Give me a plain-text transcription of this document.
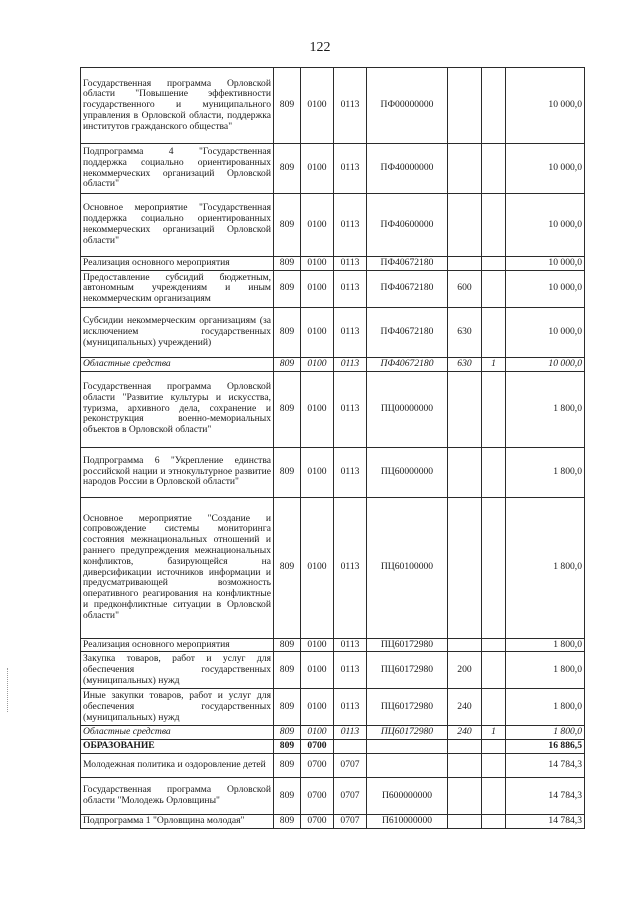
122
Государственная программа Орловской области "Повышение эффективности государственного и муниципального управления в Орловской области, поддержка институтов гражданского общества"	809	0100	0113	ПФ00000000			10 000,0
Подпрограмма 4 "Государственная поддержка социально ориентированных некоммерческих организаций Орловской области"	809	0100	0113	ПФ40000000			10 000,0
Основное мероприятие "Государственная поддержка социально ориентированных некоммерческих организаций Орловской области"	809	0100	0113	ПФ40600000			10 000,0
Реализация основного мероприятия	809	0100	0113	ПФ40672180			10 000,0
Предоставление субсидий бюджетным, автономным учреждениям и иным некоммерческим организациям	809	0100	0113	ПФ40672180	600		10 000,0
Субсидии некоммерческим организациям (за исключением государственных (муниципальных) учреждений)	809	0100	0113	ПФ40672180	630		10 000,0
Областные средства	809	0100	0113	ПФ40672180	630	1	10 000,0
Государственная программа Орловской области "Развитие культуры и искусства, туризма, архивного дела, сохранение и реконструкция военно-мемориальных объектов в Орловской области"	809	0100	0113	ПЦ00000000			1 800,0
Подпрограмма 6 "Укрепление единства российской нации и этнокультурное развитие народов России в Орловской области"	809	0100	0113	ПЦ60000000			1 800,0
Основное мероприятие "Создание и сопровождение системы мониторинга состояния межнациональных отношений и раннего предупреждения межнациональных конфликтов, базирующейся на диверсификации источников информации и предусматривающей возможность оперативного реагирования на конфликтные и предконфликтные ситуации в Орловской области"	809	0100	0113	ПЦ60100000			1 800,0
Реализация основного мероприятия	809	0100	0113	ПЦ60172980			1 800,0
Закупка товаров, работ и услуг для обеспечения государственных (муниципальных) нужд	809	0100	0113	ПЦ60172980	200		1 800,0
Иные закупки товаров, работ и услуг для обеспечения государственных (муниципальных) нужд	809	0100	0113	ПЦ60172980	240		1 800,0
Областные средства	809	0100	0113	ПЦ60172980	240	1	1 800,0
ОБРАЗОВАНИЕ	809	0700					16 886,5
Молодежная политика и оздоровление детей	809	0700	0707				14 784,3
Государственная программа Орловской области "Молодежь Орловщины"	809	0700	0707	П600000000			14 784,3
Подпрограмма 1 "Орловщина молодая"	809	0700	0707	П610000000			14 784,3
